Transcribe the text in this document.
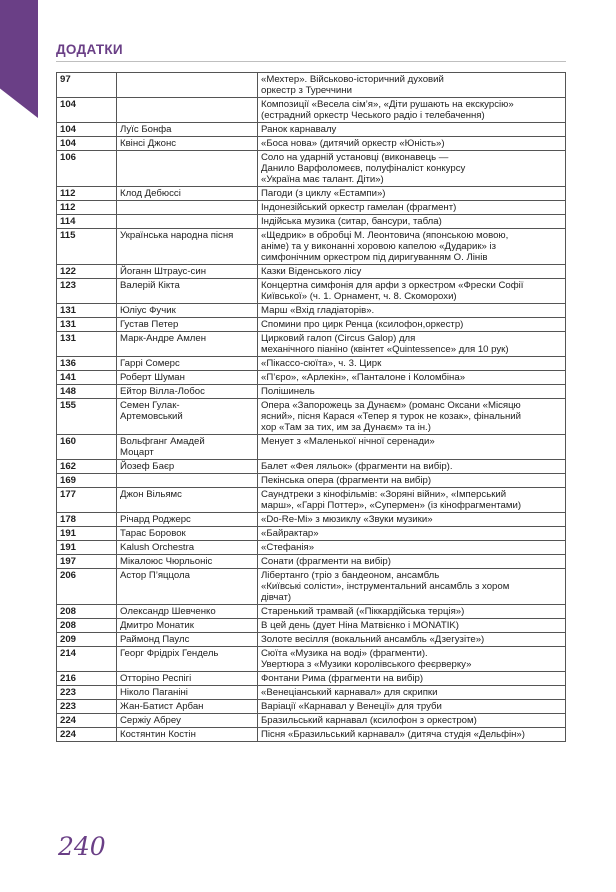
ДОДАТКИ
97		«Мехтер». Військово-історичний духовий
оркестр з Туреччини
104		Композиції «Весела сім’я», «Діти рушають на екскурсію»
(естрадний оркестр Чеського радіо і телебачення)
104	Луїс Бонфа	Ранок карнавалу
104	Квінсі Джонс	«Боса нова» (дитячий оркестр «Юність»)
106		Соло на ударній установці (виконавець —
Данило Варфоломеєв, полуфіналіст конкурсу
«Україна має талант. Діти»)
112	Клод Дебюссі	Пагоди (з циклу «Естампи»)
112		Індонезійський оркестр гамелан (фрагмент)
114		Індійська музика (ситар, бансури, табла)
115	Українська народна пісня	«Щедрик» в обробці М. Леонтовича (японською мовою,
аніме) та у виконанні хоровою капелою «Дударик» із
симфонічним оркестром під диригуванням О. Лінів
122	Йоганн Штраус-син	Казки Віденського лісу
123	Валерій Кікта	Концертна симфонія для арфи з оркестром «Фрески Софії
Київської» (ч. 1. Орнамент, ч. 8. Скоморохи)
131	Юліус Фучик	Марш «Вхід гладіаторів».
131	Густав Петер	Спомини про цирк Ренца (ксилофон,оркестр)
131	Марк-Андре Амлен	Цирковий галоп (Circus Galop) для
механічного піаніно (квінтет «Quintessence» для 10 рук)
136	Гаррі Сомерс	«Пікассо-сюїта», ч. 3. Цирк
141	Роберт Шуман	«П’єро», «Арлекін», «Панталоне і Коломбіна»
148	Ейтор Вілла-Лобос	Полішинель
155	Семен Гулак-
Артемовський	Опера «Запорожець за Дунаєм» (романс Оксани «Місяцю
ясний», пісня Карася «Тепер я турок не козак», фінальний
хор «Там за тих, им за Дунаєм» та ін.)
160	Вольфганг Амадей
Моцарт	Менует з «Маленької нічної серенади»
162	Йозеф Баєр	Балет «Фея ляльок» (фрагменти на вибір).
169		Пекінська опера (фрагменти на вибір)
177	Джон Вільямс	Саундтреки з кінофільмів: «Зоряні війни», «Імперський
марш», «Гаррі Поттер», «Супермен» (із кінофрагментами)
178	Річард Роджерс	«Do-Re-Mi» з мюзиклу «Звуки музики»
191	Тарас Боровок	«Байрактар»
191	Kalush Orchestra	«Стефанія»
197	Мікалоюс Чюрльоніс	Сонати (фрагменти на вибір)
206	Астор П’яццола	Лібертанго (тріо з бандеоном, ансамбль
«Київські солісти», інструментальний ансамбль з хором
дівчат)
208	Олександр Шевченко	Старенький трамвай («Піккардійська терція»)
208	Дмитро Монатик	В цей день (дует Ніна Матвієнко і MONATIK)
209	Раймонд Паулс	Золоте весілля (вокальний ансамбль «Дзегузіте»)
214	Георг Фрідріх Гендель	Сюїта «Музика на воді» (фрагменти).
Увертюра з «Музики королівського феєрверку»
216	Отторіно Респігі	Фонтани Рима (фрагменти на вибір)
223	Ніколо Паганіні	«Венеціанський карнавал» для скрипки
223	Жан-Батист Арбан	Варіації «Карнавал у Венеції» для труби
224	Сержіу Абреу	Бразильський карнавал (ксилофон з оркестром)
224	Костянтин Костін	Пісня «Бразильський карнавал» (дитяча студія «Дельфін»)
240
